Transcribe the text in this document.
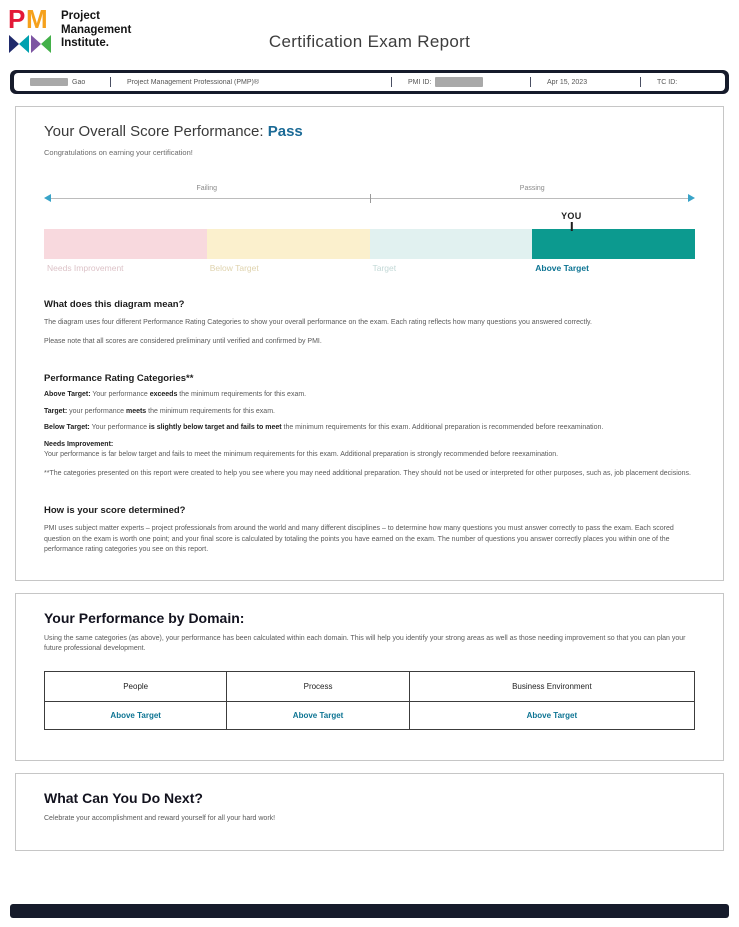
P M Project
Management
Institute.	Certification Exam Report
Gao	Project Management Professional (PMP)®	PMI ID:	Apr 15, 2023	TC ID:
Your Overall Score Performance: Pass

Congratulations on earning your certification!

Failing	Passing
YOU
Needs Improvement	Below Target	Target	Above Target
What does this diagram mean?

The diagram uses four different Performance Rating Categories to show your overall performance on the exam. Each rating reflects how many questions you answered correctly.

Please note that all scores are considered preliminary until verified and confirmed by PMI.

Performance Rating Categories**

Above Target: Your performance exceeds the minimum requirements for this exam.

Target: your performance meets the minimum requirements for this exam.

Below Target: Your performance is slightly below target and fails to meet the minimum requirements for this exam. Additional preparation is recommended before reexamination.

Needs Improvement:
Your performance is far below target and fails to meet the minimum requirements for this exam. Additional preparation is strongly recommended before reexamination.

**The categories presented on this report were created to help you see where you may need additional preparation. They should not be used or interpreted for other purposes, such as, job placement decisions.

How is your score determined?

PMI uses subject matter experts – project professionals from around the world and many different disciplines – to determine how many questions you must answer correctly to pass the exam. Each scored question on the exam is worth one point; and your final score is calculated by totaling the points you have earned on the exam. The number of questions you answer correctly places you within one of the performance rating categories you see on this report.

Your Performance by Domain:

Using the same categories (as above), your performance has been calculated within each domain. This will help you identify your strong areas as well as those needing improvement so that you can plan your future professional development.

People	Process	Business Environment
Above Target	Above Target	Above Target
What Can You Do Next?

Celebrate your accomplishment and reward yourself for all your hard work!
